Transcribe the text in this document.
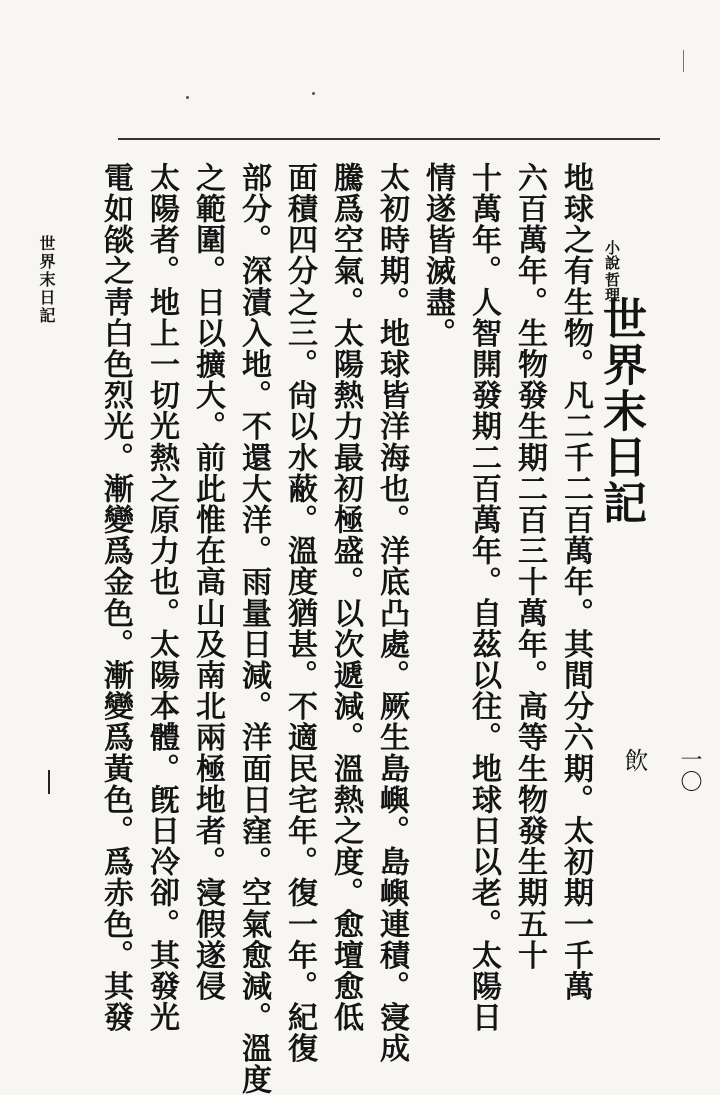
一〇
飲
哲理
小說
世界末日記
地球之有生物。凡二千二百萬年。其間分六期。太初期一千萬
六百萬年。生物發生期二百三十萬年。高等生物發生期五十
十萬年。人智開發期二百萬年。自茲以往。地球日以老。太陽日
情遂皆滅盡。
太初時期。地球皆洋海也。洋底凸處。厥生島嶼。島嶼連積。寖成
騰爲空氣。太陽熱力最初極盛。以次遞減。溫熱之度。愈壇愈低
面積四分之三。尙以水蔽。溫度猶甚。不適民宅年。復一年。紀復
部分。深漬入地。不還大洋。雨量日減。洋面日窪。空氣愈減。溫度
之範圍。日以擴大。前此惟在高山及南北兩極地者。寖假遂侵
太陽者。地上一切光熱之原力也。太陽本體。旣日冷卻。其發光
電如燄之靑白色烈光。漸變爲金色。漸變爲黃色。爲赤色。其發
世界末日記
